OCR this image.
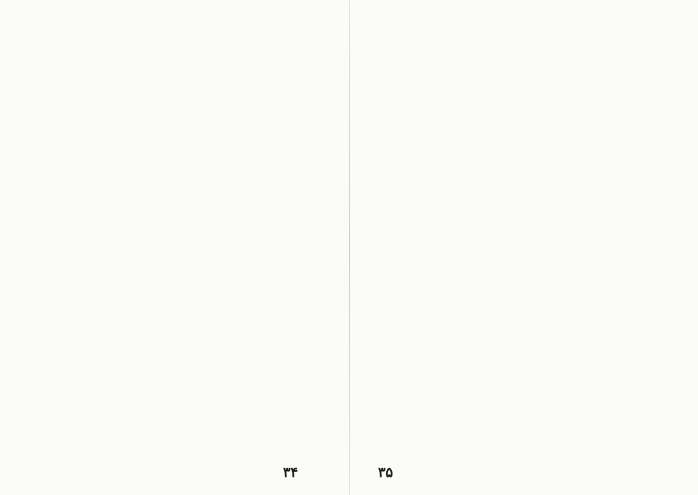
۳۴	۳۵
